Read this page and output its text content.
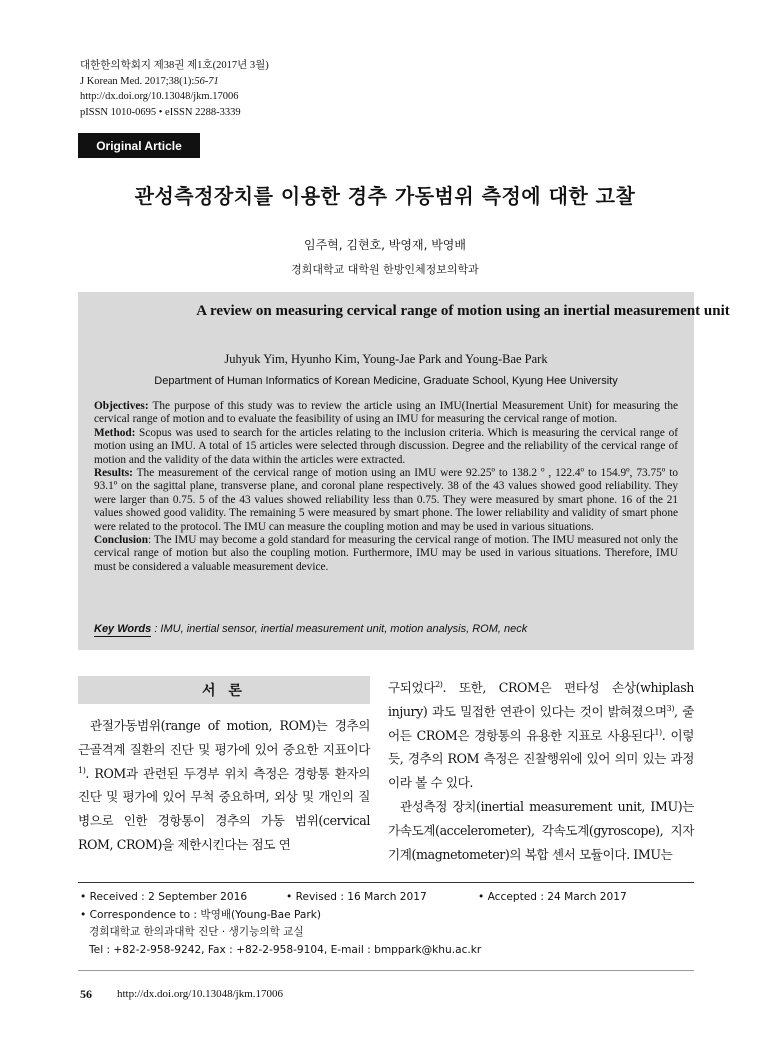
대한한의학회지 제38권 제1호(2017년 3월)
J Korean Med. 2017;38(1):56-71
http://dx.doi.org/10.13048/jkm.17006
pISSN 1010-0695 • eISSN 2288-3339
Original Article
관성측정장치를 이용한 경추 가동범위 측정에 대한 고찰
임주혁, 김현호, 박영재, 박영배
경희대학교 대학원 한방인체정보의학과
A review on measuring cervical range of motion using an inertial measurement unit
Juhyuk Yim, Hyunho Kim, Young-Jae Park and Young-Bae Park
Department of Human Informatics of Korean Medicine, Graduate School, Kyung Hee University

Objectives: The purpose of this study was to review the article using an IMU(Inertial Measurement Unit) for measuring the cervical range of motion and to evaluate the feasibility of using an IMU for measuring the cervical range of motion.

Method: Scopus was used to search for the articles relating to the inclusion criteria. Which is measuring the cervical range of motion using an IMU. A total of 15 articles were selected through discussion. Degree and the reliability of the cervical range of motion and the validity of the data within the articles were extracted.

Results: The measurement of the cervical range of motion using an IMU were 92.25º to 138.2 º , 122.4º to 154.9º, 73.75º to 93.1º on the sagittal plane, transverse plane, and coronal plane respectively. 38 of the 43 values showed good reliability. They were larger than 0.75. 5 of the 43 values showed reliability less than 0.75. They were measured by smart phone. 16 of the 21 values showed good validity. The remaining 5 were measured by smart phone. The lower reliability and validity of smart phone were related to the protocol. The IMU can measure the coupling motion and may be used in various situations.

Conclusion: The IMU may become a gold standard for measuring the cervical range of motion. The IMU measured not only the cervical range of motion but also the coupling motion. Furthermore, IMU may be used in various situations. Therefore, IMU must be considered a valuable measurement device.

Key Words : IMU, inertial sensor, inertial measurement unit, motion analysis, ROM, neck
서 론

관절가동범위(range of motion, ROM)는 경추의 근골격계 질환의 진단 및 평가에 있어 중요한 지표이다$^{1)}$. ROM과 관련된 두경부 위치 측정은 경항통 환자의 진단 및 평가에 있어 무척 중요하며, 외상 및 개인의 질병으로 인한 경항통이 경추의 가동 범위(cervical ROM, CROM)을 제한시킨다는 점도 연

구되었다$^{2)}$. 또한, CROM은 편타성 손상(whiplash injury) 과도 밀접한 연관이 있다는 것이 밝혀졌으며$^{3)}$, 줄어든 CROM은 경항통의 유용한 지표로 사용된다$^{1)}$. 이렇듯, 경추의 ROM 측정은 진찰행위에 있어 의미 있는 과정이라 볼 수 있다.

관성측정 장치(inertial measurement unit, IMU)는 가속도계(accelerometer), 각속도계(gyroscope), 지자기계(magnetometer)의 복합 센서 모듈이다. IMU는

• Received : 2 September 2016	• Revised : 16 March 2017	• Accepted : 24 March 2017
• Correspondence to : 박영배(Young-Bae Park)
경희대학교 한의과대학 진단 · 생기능의학 교실
Tel : +82-2-958-9242, Fax : +82-2-958-9104, E-mail : bmppark@khu.ac.kr
56 http://dx.doi.org/10.13048/jkm.17006
